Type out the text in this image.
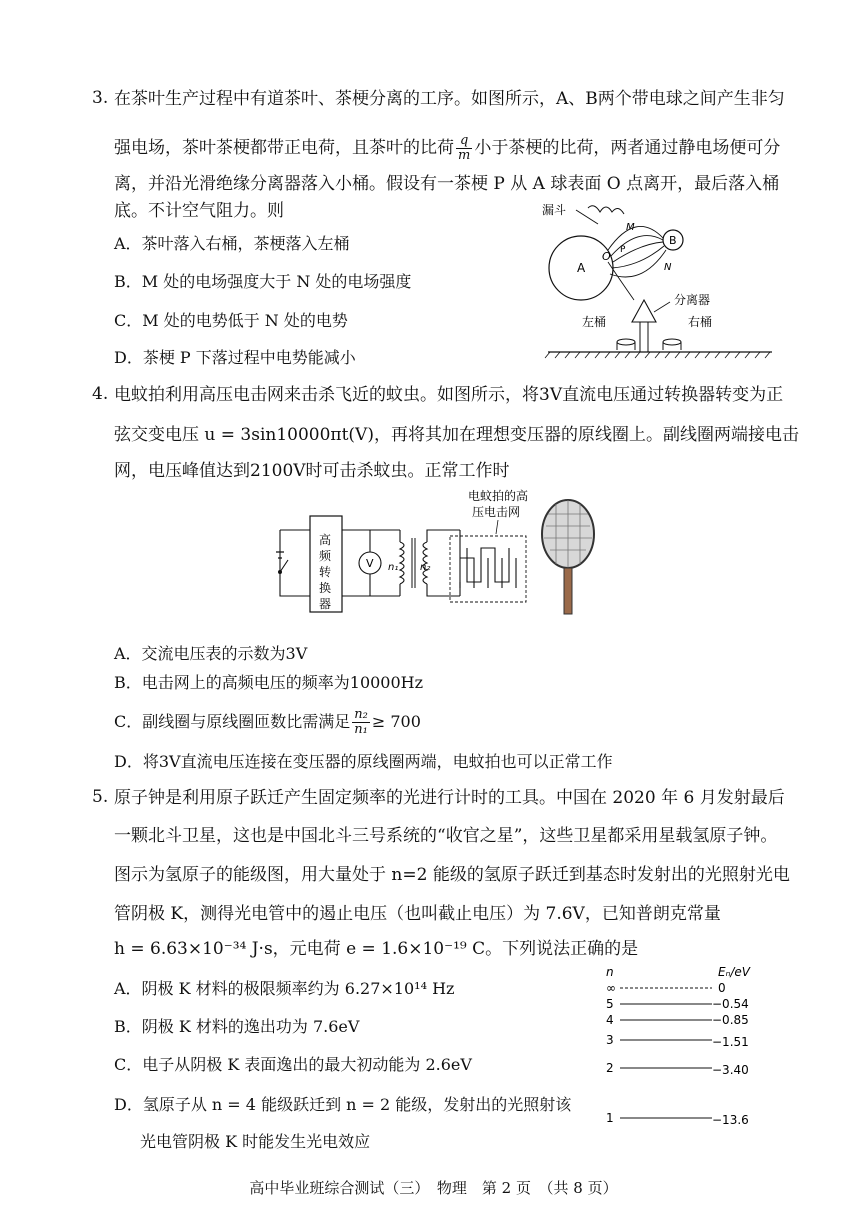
3. 在茶叶生产过程中有道茶叶、茶梗分离的工序。如图所示，A、B两个带电球之间产生非匀
强电场，茶叶茶梗都带正电荷，且茶叶的比荷 $\frac{q}{m}$ 小于茶梗的比荷，两者通过静电场便可分
离，并沿光滑绝缘分离器落入小桶。假设有一茶梗 P 从 A 球表面 O 点离开，最后落入桶
底。不计空气阻力。则
A．茶叶落入右桶，茶梗落入左桶
B．M 处的电场强度大于 N 处的电场强度
C．M 处的电势低于 N 处的电势
D．茶梗 P 下落过程中电势能减小
漏斗
A
B
O
M
N
P
分离器
左桶	右桶
4. 电蚊拍利用高压电击网来击杀飞近的蚊虫。如图所示，将3V直流电压通过转换器转变为正
弦交变电压 u = 3sin10000πt(V)，再将其加在理想变压器的原线圈上。副线圈两端接电击
网，电压峰值达到2100V时可击杀蚊虫。正常工作时
电蚊拍的高
压电击网
高
频
转
换
器
V n₁ n₂
A．交流电压表的示数为3V
B．电击网上的高频电压的频率为10000Hz
C．副线圈与原线圈匝数比需满足 $\frac{\text{n₂}}{\text{n₁}} \ge 700$
D．将3V直流电压连接在变压器的原线圈两端，电蚊拍也可以正常工作
5. 原子钟是利用原子跃迁产生固定频率的光进行计时的工具。中国在 2020 年 6 月发射最后
一颗北斗卫星，这也是中国北斗三号系统的“收官之星”，这些卫星都采用星载氢原子钟。
图示为氢原子的能级图，用大量处于 n=2 能级的氢原子跃迁到基态时发射出的光照射光电
管阴极 K，测得光电管中的遏止电压（也叫截止电压）为 7.6V，已知普朗克常量
h = 6.63×10⁻³⁴ J·s，元电荷 e = 1.6×10⁻¹⁹ C。下列说法正确的是
A．阴极 K 材料的极限频率约为 6.27×10¹⁴ Hz
B．阴极 K 材料的逸出功为 7.6eV
C．电子从阴极 K 表面逸出的最大初动能为 2.6eV
D．氢原子从 n = 4 能级跃迁到 n = 2 能级，发射出的光照射该
光电管阴极 K 时能发生光电效应
n	Eₙ/eV
∞	0
5	−0.54
4	−0.85
3	−1.51
2	−3.40
1	−13.6
高中毕业班综合测试（三）　物理　第 2 页　（共 8 页）
